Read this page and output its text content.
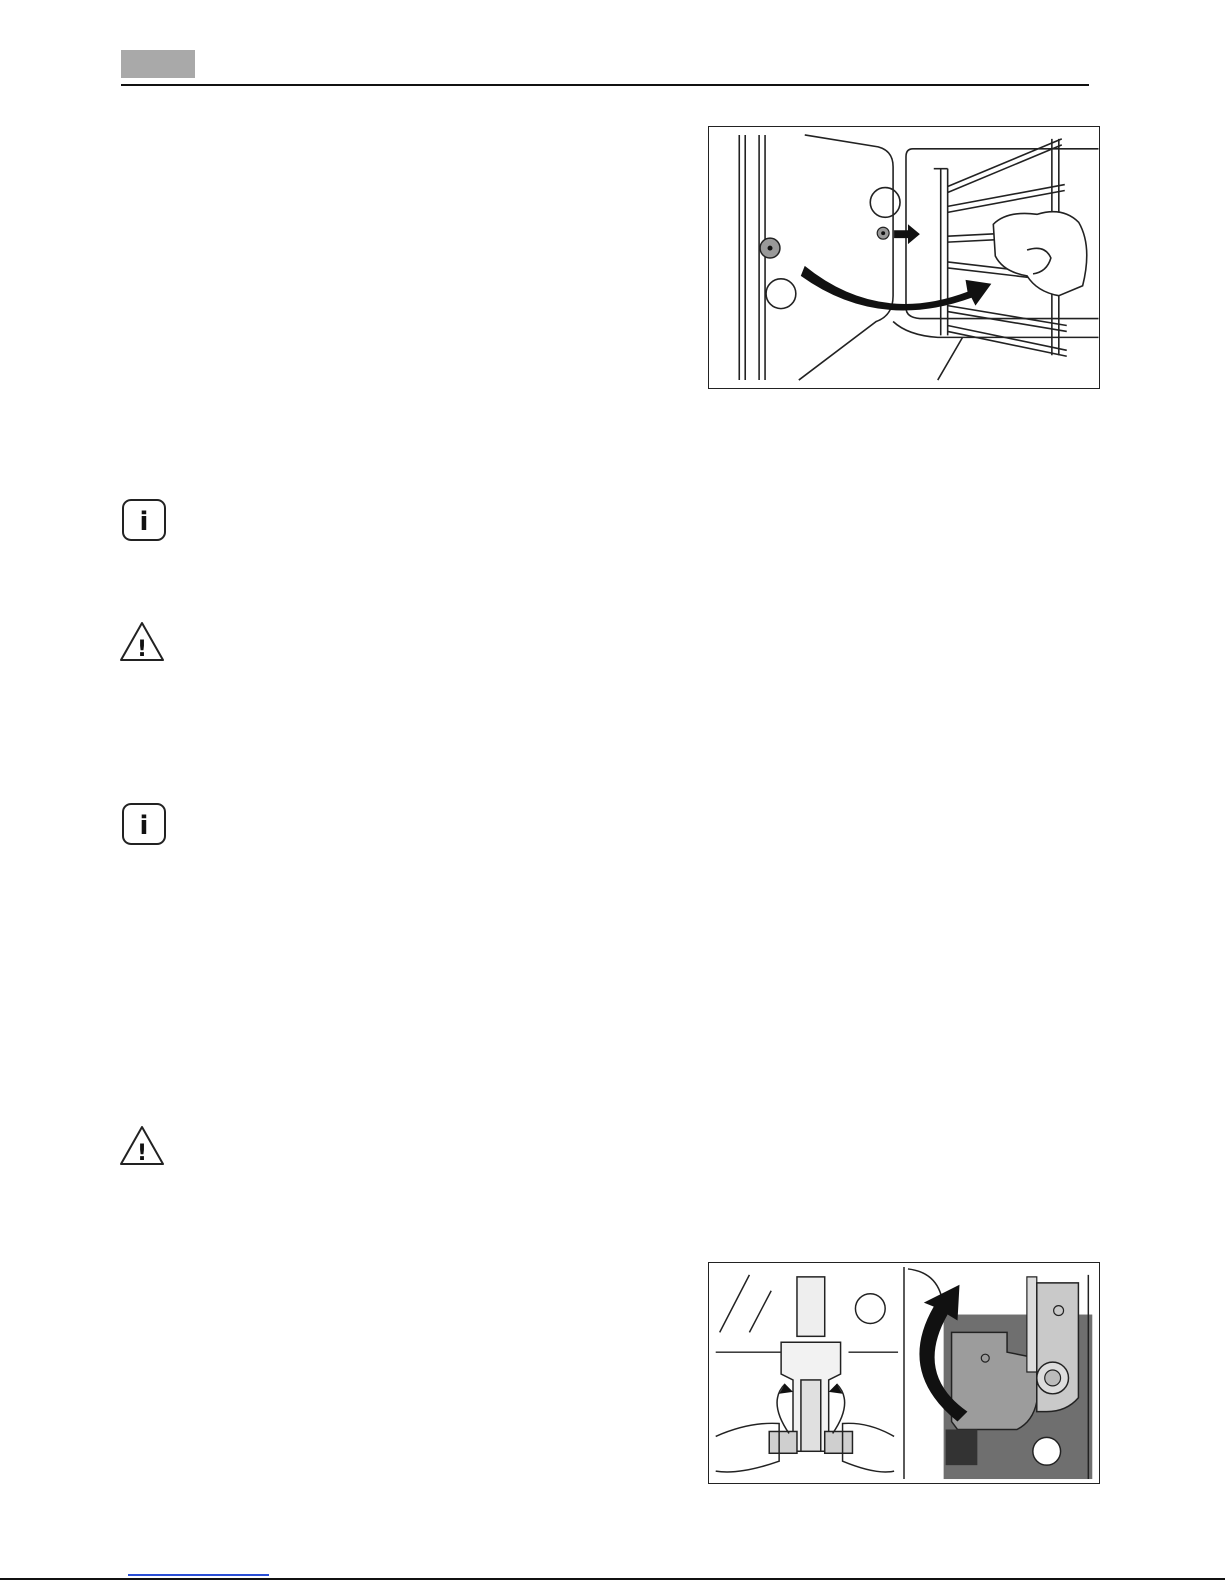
i
!
i
!
